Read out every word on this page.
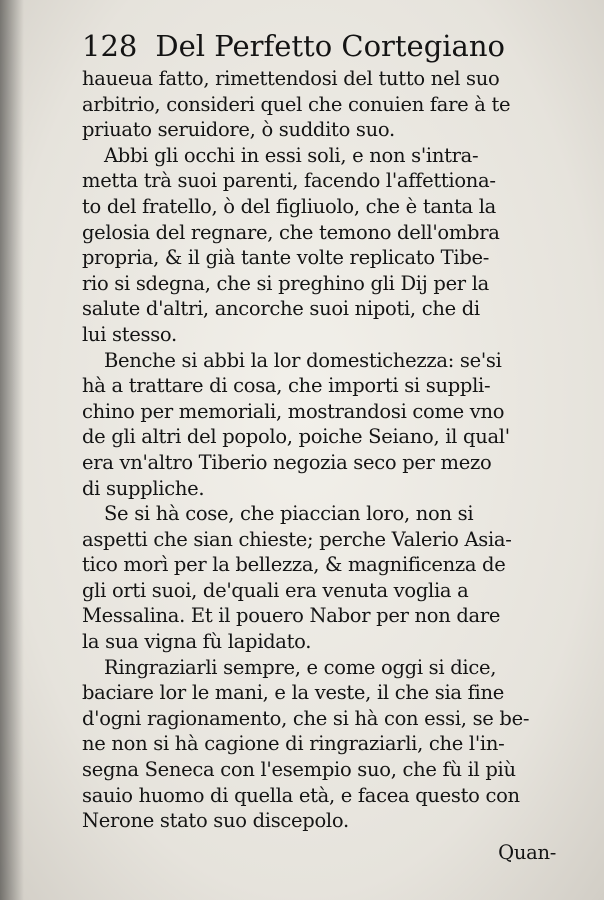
128 Del Perfetto Cortegiano
haueua fatto, rimettendosi del tutto nel suo
arbitrio, consideri quel che conuien fare à te
priuato seruidore, ò suddito suo.
Abbi gli occhi in essi soli, e non s'intra-
metta trà suoi parenti, facendo l'affettiona-
to del fratello, ò del figliuolo, che è tanta la
gelosia del regnare, che temono dell'ombra
propria, & il già tante volte replicato Tibe-
rio si sdegna, che si preghino gli Dij per la
salute d'altri, ancorche suoi nipoti, che di
lui stesso.
Benche si abbi la lor domestichezza: se'si
hà a trattare di cosa, che importi si suppli-
chino per memoriali, mostrandosi come vno
de gli altri del popolo, poiche Seiano, il qual'
era vn'altro Tiberio negozia seco per mezo
di suppliche.
Se si hà cose, che piaccian loro, non si
aspetti che sian chieste; perche Valerio Asia-
tico morì per la bellezza, & magnificenza de
gli orti suoi, de'quali era venuta voglia a
Messalina. Et il pouero Nabor per non dare
la sua vigna fù lapidato.
Ringraziarli sempre, e come oggi si dice,
baciare lor le mani, e la veste, il che sia fine
d'ogni ragionamento, che si hà con essi, se be-
ne non si hà cagione di ringraziarli, che l'in-
segna Seneca con l'esempio suo, che fù il più
sauio huomo di quella età, e facea questo con
Nerone stato suo discepolo.
Quan-
